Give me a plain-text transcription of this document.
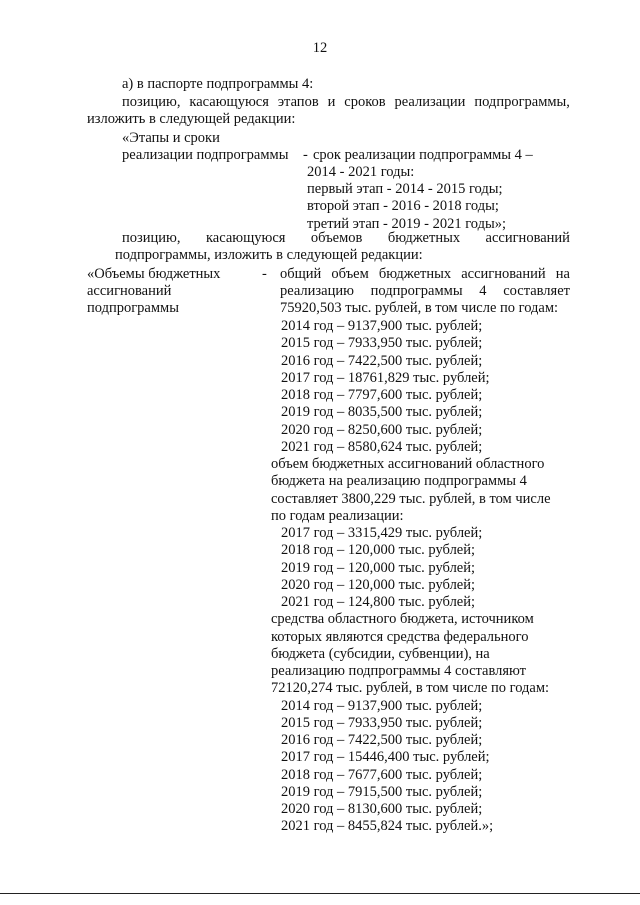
12
а) в паспорте подпрограммы 4:
позицию, касающуюся этапов и сроков реализации подпрограммы,
изложить в следующей редакции:
«Этапы и сроки
реализации подпрограммы - срок реализации подпрограммы 4 –
2014 - 2021 годы:
первый этап - 2014 - 2015 годы;
второй этап - 2016 - 2018 годы;
третий этап - 2019 - 2021 годы»;
позицию, касающуюся объемов бюджетных ассигнований
подпрограммы, изложить в следующей редакции:
«Объемы бюджетных
ассигнований
подпрограммы
- общий объем бюджетных ассигнований на
реализацию подпрограммы 4 составляет
75920,503 тыс. рублей, в том числе по годам:
2014 год – 9137,900 тыс. рублей;
2015 год – 7933,950 тыс. рублей;
2016 год – 7422,500 тыс. рублей;
2017 год – 18761,829 тыс. рублей;
2018 год – 7797,600 тыс. рублей;
2019 год – 8035,500 тыс. рублей;
2020 год – 8250,600 тыс. рублей;
2021 год – 8580,624 тыс. рублей;
объем бюджетных ассигнований областного
бюджета на реализацию подпрограммы 4
составляет 3800,229 тыс. рублей, в том числе
по годам реализации:
2017 год – 3315,429 тыс. рублей;
2018 год – 120,000 тыс. рублей;
2019 год – 120,000 тыс. рублей;
2020 год – 120,000 тыс. рублей;
2021 год – 124,800 тыс. рублей;
средства областного бюджета, источником
которых являются средства федерального
бюджета (субсидии, субвенции), на
реализацию подпрограммы 4 составляют
72120,274 тыс. рублей, в том числе по годам:
2014 год – 9137,900 тыс. рублей;
2015 год – 7933,950 тыс. рублей;
2016 год – 7422,500 тыс. рублей;
2017 год – 15446,400 тыс. рублей;
2018 год – 7677,600 тыс. рублей;
2019 год – 7915,500 тыс. рублей;
2020 год – 8130,600 тыс. рублей;
2021 год – 8455,824 тыс. рублей.»;
